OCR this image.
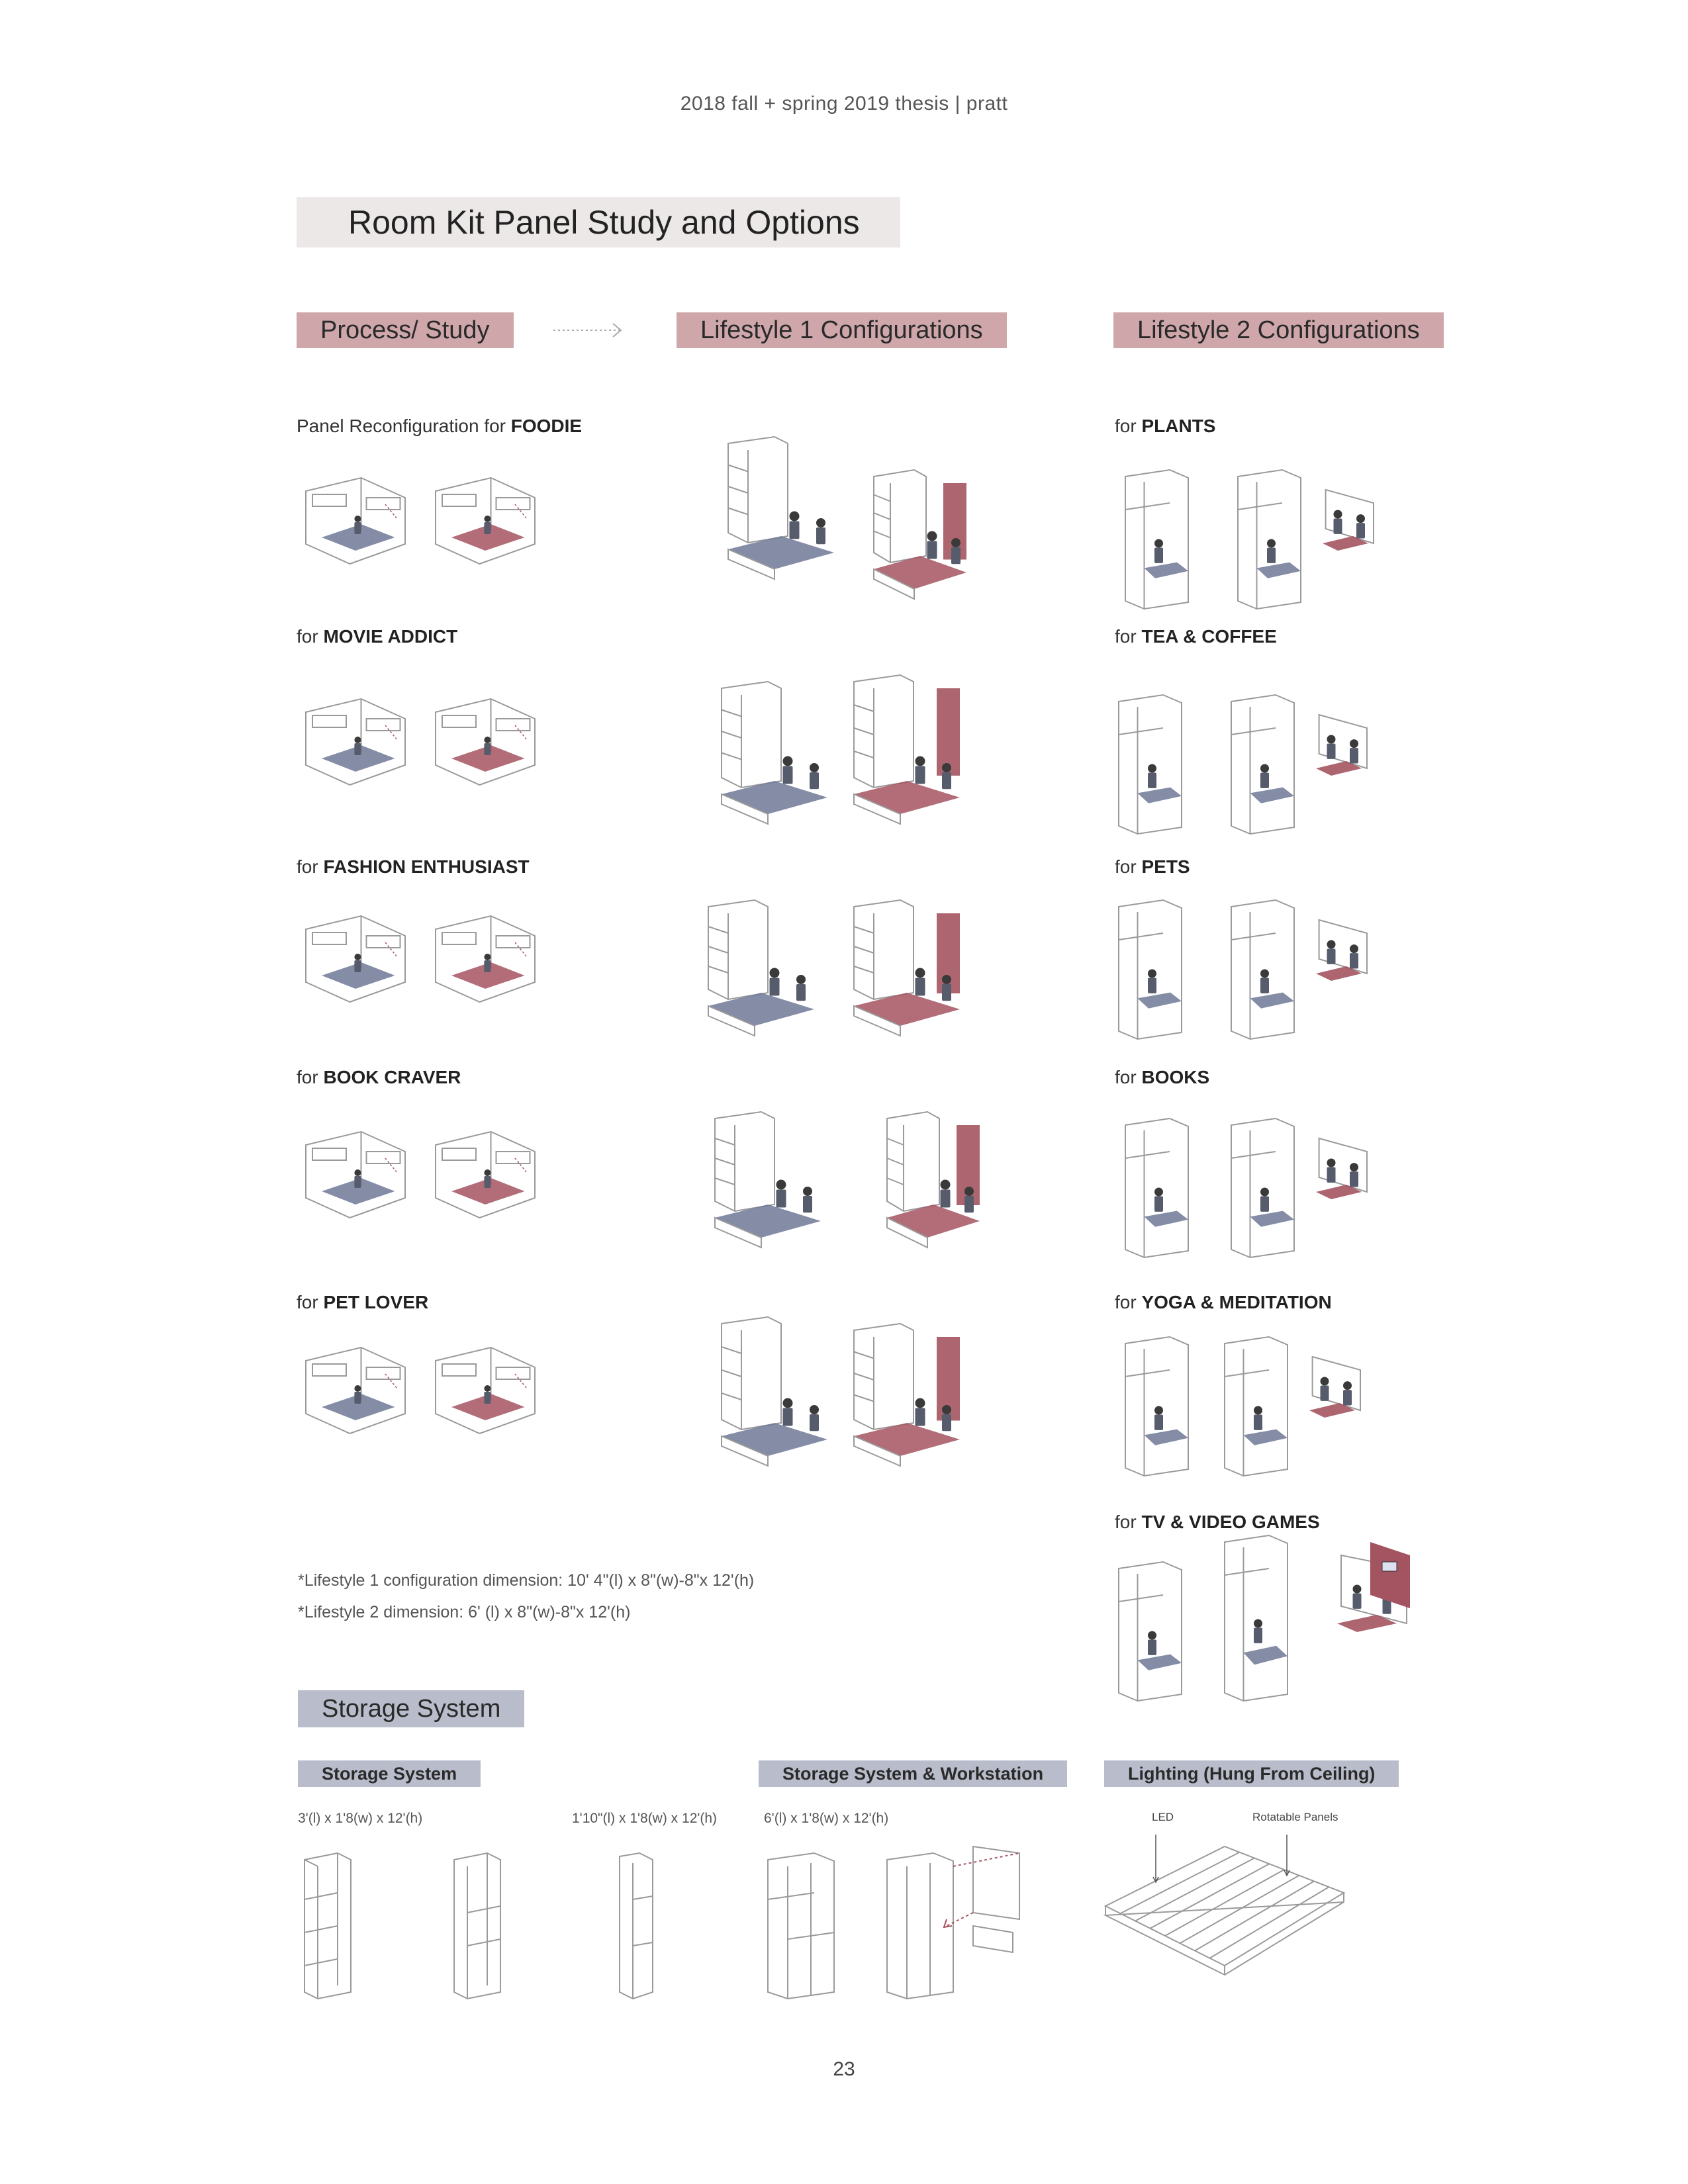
2018 fall + spring 2019 thesis | pratt
Room Kit Panel Study and Options
Process/ Study	Lifestyle 1 Configurations	Lifestyle 2 Configurations
Panel Reconfiguration for FOODIE
for MOVIE ADDICT
for FASHION ENTHUSIAST
for BOOK CRAVER
for PET LOVER
for PLANTS
for TEA & COFFEE
for PETS
for BOOKS
for YOGA & MEDITATION
for TV & VIDEO GAMES
*Lifestyle 1 configuration dimension: 10' 4"(l) x 8"(w)-8"x 12'(h)
*Lifestyle 2 dimension: 6' (l) x 8"(w)-8"x 12'(h)
Storage System
Storage System	Storage System & Workstation	Lighting (Hung From Ceiling)
3'(l) x 1'8(w) x 12'(h)	1'10"(l) x 1'8(w) x 12'(h)	6'(l) x 1'8(w) x 12'(h)	LED	Rotatable Panels
23
